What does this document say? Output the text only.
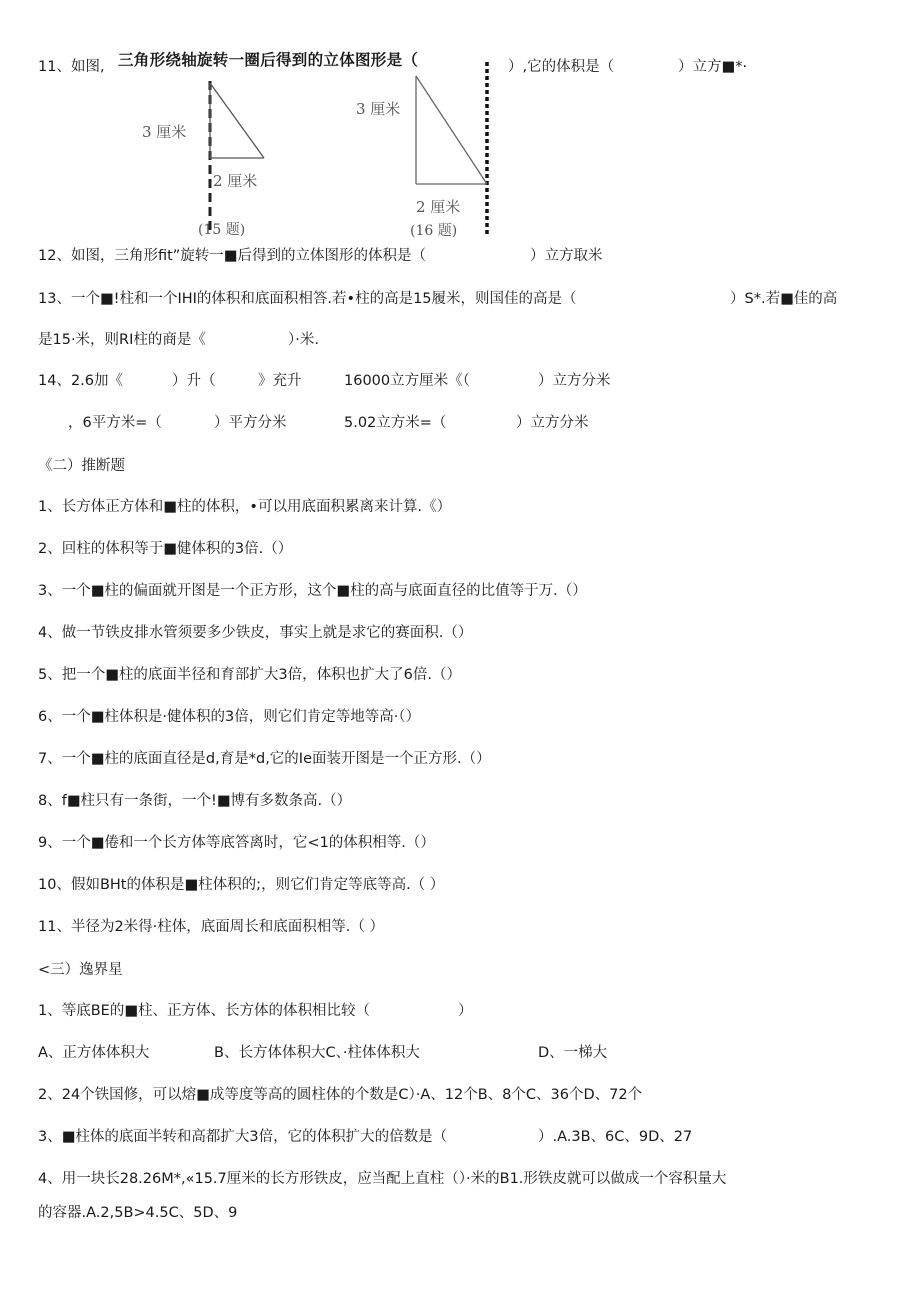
11、如图, 三角形绕轴旋转一圈后得到的立体图形是（	）,它的体积是（	）立方■*·
3 厘米
2 厘米
(15 题)
3 厘米
2 厘米
(16 题)
12、如图，三角形fit”旋转一■后得到的立体图形的体积是（	）立方取米
13、一个■!柱和一个IHI的体积和底面积相答.若•柱的高是15履米，则国佳的高是（	）S*.若■佳的高
是15·米，则RI柱的商是《	）·米.
14、2.6加《	）升（	》充升	16000立方厘米《（	）立方分米
，6平方米=（	）平方分米	5.02立方米=（	）立方分米
《二）推断题
1、长方体正方体和■柱的体积，•可以用底面积累离来计算.《）
2、回柱的体积等于■健体积的3倍.（）
3、一个■柱的偏面就开图是一个正方形，这个■柱的高与底面直径的比值等于万.（）
4、做一节铁皮排水管须要多少铁皮，事实上就是求它的赛面积.（）
5、把一个■柱的底面半径和育部扩大3倍，体积也扩大了6倍.（）
6、一个■柱体积是·健体积的3倍，则它们肯定等地等高·（）
7、一个■柱的底面直径是d,育是*d,它的Ie面装开图是一个正方形.（）
8、f■柱只有一条街，一个!■博有多数条高.（）
9、一个■倦和一个长方体等底答离时，它<1的体积相等.（）
10、假如BHt的体积是■柱体积的;，则它们肯定等底等高.（ ）
11、半径为2米得·柱体，底面周长和底面积相等.（ ）
<三）逸界星
1、等底BE的■柱、正方体、长方体的体积相比较（	）
A、正方体体积大	B、长方体体积大C、·柱体体积大	D、一梯大
2、24个铁国修，可以熔■成等度等高的圆柱体的个数是C）·A、12个B、8个C、36个D、72个
3、■柱体的底面半转和高都扩大3倍，它的体积扩大的倍数是（	）.A.3B、6C、9D、27
4、用一块长28.26M*,«15.7厘米的长方形铁皮，应当配上直柱（）·米的B1.形铁皮就可以做成一个容积量大
的容器.A.2,5B>4.5C、5D、9
